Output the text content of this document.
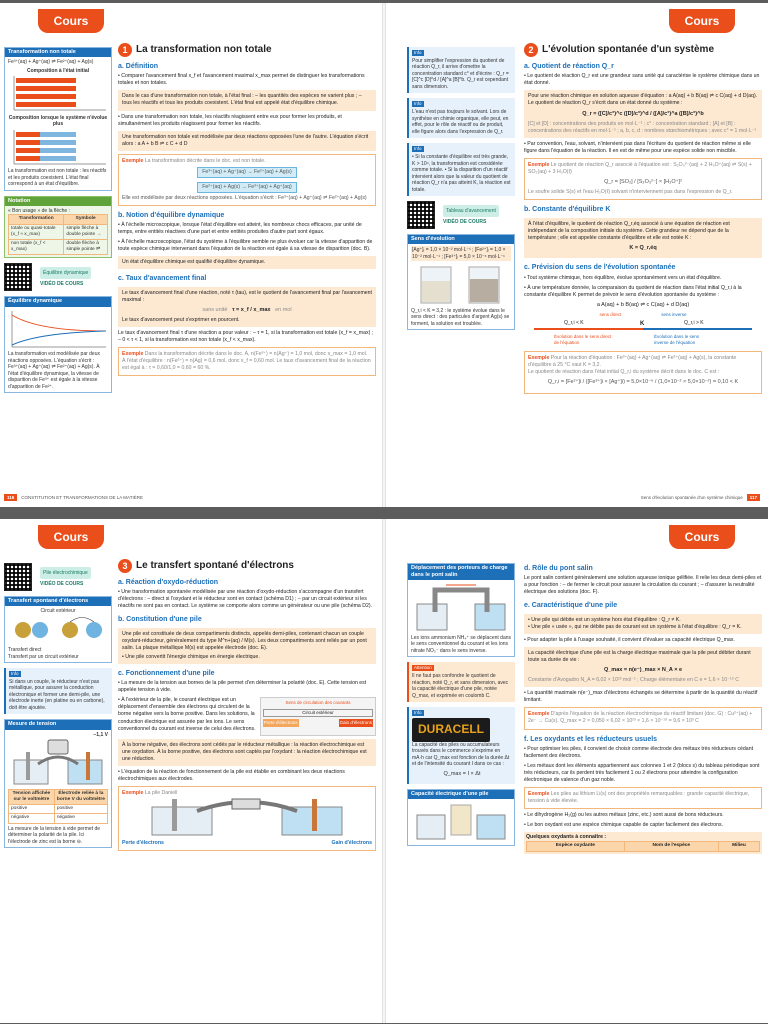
Cours	Cours
Transformation non totale
Fe³⁺(aq) + Ag⁺(aq) ⇌ Fe²⁺(aq) + Ag(s)
Composition à l'état initial
Composition lorsque le système n'évolue plus
La transformation est non totale : les réactifs et les produits coexistent. L'état final correspond à un état d'équilibre.
Notation
« Bon usage » de la flèche :
Transformation	Symbole
totale ou quasi-totale (x_f ≈ x_max)	simple flèche à double pointe →
non totale (x_f < x_max)	double flèche à simple pointe ⇌
Équilibre dynamique
VIDÉO DE COURS
Équilibre dynamique
La transformation est modélisée par deux réactions opposées. L'équation s'écrit : Fe³⁺(aq) + Ag⁺(aq) ⇌ Fe²⁺(aq) + Ag(s). À l'état d'équilibre dynamique, la vitesse de disparition de Fe³⁺ est égale à la vitesse d'apparition de Fe²⁺.
1 La transformation non totale
a. Définition

• Comparer l'avancement final x_f et l'avancement maximal x_max permet de distinguer les transformations totales et non totales.

Dans le cas d'une transformation non totale, à l'état final : – les quantités des espèces ne varient plus ; – tous les réactifs et tous les produits coexistent. L'état final est appelé état d'équilibre chimique.

• Dans une transformation non totale, les réactifs réagissent entre eux pour former les produits, et simultanément les produits réagissent pour former les réactifs.

Une transformation non totale est modélisée par deux réactions opposées l'une de l'autre. L'équation s'écrit alors : a A + b B ⇌ c C + d D
Exemple La transformation décrite dans le doc. est non totale.
Fe³⁺(aq) + Ag⁺(aq) → Fe²⁺(aq) + Ag(s)
Fe²⁺(aq) + Ag(s) → Fe³⁺(aq) + Ag⁺(aq)
Elle est modélisée par deux réactions opposées. L'équation s'écrit : Fe³⁺(aq) + Ag⁺(aq) ⇌ Fe²⁺(aq) + Ag(s)
b. Notion d'équilibre dynamique

• À l'échelle microscopique, lorsque l'état d'équilibre est atteint, les nombreux chocs efficaces, par unité de temps, entre entités réactives d'une part et entre entités produites d'autre part sont égaux.

• À l'échelle macroscopique, l'état du système à l'équilibre semble ne plus évoluer car la vitesse d'apparition de toute espèce chimique intervenant dans l'équation de la réaction est égale à sa vitesse de disparition (doc. B).

Un état d'équilibre chimique est qualifié d'équilibre dynamique.
c. Taux d'avancement final
Le taux d'avancement final d'une réaction, noté τ (tau), est le quotient de l'avancement final par l'avancement maximal :
sans unité τ = x_f / x_max en mol
Le taux d'avancement peut s'exprimer en pourcent.

Le taux d'avancement final τ d'une réaction a pour valeur : – τ = 1, si la transformation est totale (x_f = x_max) ; – 0 < τ < 1, si la transformation est non totale (x_f < x_max).

Exemple Dans la transformation décrite dans le doc. A, n(Fe³⁺) = n(Ag⁺) = 1,0 mol, donc x_max = 1,0 mol. À l'état d'équilibre : n(Fe²⁺) = n(Ag) = 0,6 mol, donc x_f = 0,60 mol. Le taux d'avancement final de la réaction est égal à : τ = 0,60/1,0 = 0,60 = 60 %.
Info
Pour simplifier l'expression du quotient de réaction Q_r, il arrive d'omettre la concentration standard c° et d'écrire : Q_r = [C]^c [D]^d / [A]^a [B]^b. Q_r est cependant sans dimension.
Info
L'eau n'est pas toujours le solvant. Lors de synthèse en chimie organique, elle peut, en effet, pour le rôle de réactif ou de produit, elle figure alors dans l'expression de Q_r.
Info
• Si la constante d'équilibre est très grande, K > 10⁴, la transformation est considérée comme totale. • Si la disparition d'un réactif intervient alors que la valeur du quotient de réaction Q_r n'a pas atteint K, la réaction est totale.
Tableau d'avancement
VIDÉO DE COURS
Sens d'évolution
[Ag⁺]ᵢ = 1,0 × 10⁻² mol·L⁻¹ ; [Fe²⁺]ᵢ = 1,0 × 10⁻² mol·L⁻¹ ; [Fe³⁺]ᵢ = 5,0 × 10⁻⁶ mol·L⁻¹
Q_r,i < K = 3,2 : le système évolue dans le sens direct : des particules d'argent Ag(s) se forment, la solution est troublée.
2 L'évolution spontanée d'un système
a. Quotient de réaction Q_r

• Le quotient de réaction Q_r est une grandeur sans unité qui caractérise le système chimique dans un état donné.

Pour une réaction chimique en solution aqueuse d'équation : a A(aq) + b B(aq) ⇌ c C(aq) + d D(aq). Le quotient de réaction Q_r s'écrit dans un état donné du système :
Q_r = ([C]/c°)^c ([D]/c°)^d / ([A]/c°)^a ([B]/c°)^b
[C] et [D] : concentrations des produits en mol·L⁻¹ ; c° : concentration standard ; [A] et [B] : concentrations des réactifs en mol·L⁻¹ ; a, b, c, d : nombres stœchiométriques ; avec c° = 1 mol·L⁻¹

• Par convention, l'eau, solvant, n'intervient pas dans l'écriture du quotient de réaction même si elle figure dans l'équation de la réaction. Il en est de même pour une espèce solide non miscible.

Exemple Le quotient de réaction Q_r associé à l'équation est : S₂O₃²⁻(aq) + 2 H₃O⁺(aq) ⇌ S(s) + SO₂(aq) + 3 H₂O(ℓ)
Q_r = [SO₂] / [S₂O₃²⁻] × [H₃O⁺]²
Le soufre solide S(s) et l'eau H₂O(ℓ) solvant n'interviennent pas dans l'expression de Q_r.
b. Constante d'équilibre K
À l'état d'équilibre, le quotient de réaction Q_r,éq associé à une équation de réaction est indépendant de la composition initiale du système. Cette grandeur ne dépend que de la température ; elle est appelée constante d'équilibre et elle est notée K :
K = Q_r,éq
c. Prévision du sens de l'évolution spontanée

• Tout système chimique, hors équilibre, évolue spontanément vers un état d'équilibre.

• À une température donnée, la comparaison du quotient de réaction dans l'état initial Q_r,i à la constante d'équilibre K permet de prévoir le sens d'évolution spontanée du système :

a A(aq) + b B(aq) ⇌ c C(aq) + d D(aq)
sens direct	sens inverse
Q_r,i < K	K	Q_r,i > K
Évolution dans le sens direct de l'équation
Évolution dans le sens inverse de l'équation
Exemple Pour la réaction d'équation : Fe³⁺(aq) + Ag⁺(aq) ⇌ Fe²⁺(aq) + Ag(s), la constante d'équilibre à 25 °C vaut K = 3,2.
Le quotient de réaction dans l'état initial Q_r,i du système décrit dans le doc. C est :
Q_r,i = [Fe²⁺]i / ([Fe³⁺]i × [Ag⁺]i) = 5,0×10⁻⁶ / (1,0×10⁻² × 5,0×10⁻²) = 0,10 < K
116	CONSTITUTION ET TRANSFORMATIONS DE LA MATIÈRE	Sens d'évolution spontanée d'un système chimique	117
Cours	Cours
Pile électrochimique
VIDÉO DE COURS
Transfert spontané d'électrons
Circuit extérieur
Transfert direct
Transfert par un circuit extérieur
Info
Si dans un couple, le réducteur n'est pas métallique, pour assurer la conduction électronique et former une demi-pile, une électrode inerte (en platine ou en carbone), doit être ajoutée.
Mesure de tension
−1,1 V
Tension affichée sur le voltmètre	Électrode reliée à la borne V du voltmètre
positive	positive
négative	négative
La mesure de la tension à vide permet de déterminer la polarité de la pile. Ici l'électrode de zinc est la borne ⊖.
3 Le transfert spontané d'électrons
a. Réaction d'oxydo-réduction

• Une transformation spontanée modélisée par une réaction d'oxydo-réduction s'accompagne d'un transfert d'électrons : – direct si l'oxydant et le réducteur sont en contact (schéma D1) ; – par un circuit extérieur si les réactifs ne sont pas en contact. Le système se comporte alors comme un générateur ou une pile (schéma D2).

b. Constitution d'une pile
Une pile est constituée de deux compartiments distincts, appelés demi-piles, contenant chacun un couple oxydant-réducteur, généralement du type M^n+(aq) / M(s). Les deux compartiments sont reliés par un pont salin. La plaque métallique M(s) est appelée électrode (doc. E).
• Une pile convertit l'énergie chimique en énergie électrique.
c. Fonctionnement d'une pile

• La mesure de la tension aux bornes de la pile permet d'en déterminer la polarité (doc. E). Cette tension est appelée tension à vide.

• À l'extérieur de la pile, le courant électrique est un déplacement d'ensemble des électrons qui circulent de la borne négative vers la borne positive. Dans les solutions, la conduction électrique est assurée par les ions. Le sens conventionnel du courant est inverse de celui des électrons.

Sens de circulation des courants
Circuit extérieur
Porte d'électrons	Gain d'électrons
À la borne négative, des électrons sont cédés par le réducteur métallique : la réaction électrochimique est une oxydation. À la borne positive, des électrons sont captés par l'oxydant : la réaction électrochimique est une réduction.

• L'équation de la réaction de fonctionnement de la pile est établie en combinant les deux réactions électrochimiques aux électrodes.

Exemple La pile Daniell
Perte d'électrons	Gain d'électrons
Déplacement des porteurs de charge dans le pont salin
Les ions ammonium NH₄⁺ se déplacent dans le sens conventionnel du courant et les ions nitrate NO₃⁻ dans le sens inverse.
Attention
Il ne faut pas confondre le quotient de réaction, noté Q_r, et sans dimension, avec la capacité électrique d'une pile, notée Q_max, et exprimée en coulomb C.
Info
DURACELL
La capacité des piles ou accumulateurs trouvés dans le commerce s'exprime en mA·h car Q_max est fonction de la durée Δt et de l'intensité du courant I dans ce cas :
Q_max = I × Δt
Capacité électrique d'une pile
d. Rôle du pont salin

Le pont salin contient généralement une solution aqueuse ionique gélifiée. Il relie les deux demi-piles et a pour fonction : – de fermer le circuit pour assurer la circulation du courant ; – d'assurer la neutralité électrique des solutions (doc. F).

e. Caractéristique d'une pile
• Une pile qui débite est un système hors état d'équilibre : Q_r ≠ K.
• Une pile « usée », qui ne débite pas de courant est un système à l'état d'équilibre : Q_r = K.

• Pour adapter la pile à l'usage souhaité, il convient d'évaluer sa capacité électrique Q_max.

La capacité électrique d'une pile est la charge électrique maximale que la pile peut débiter durant toute sa durée de vie :
Q_max = n(e⁻)_max × N_A × e
Constante d'Avogadro N_A = 6,02 × 10²³ mol⁻¹ ; Charge élémentaire en C e = 1,6 × 10⁻¹⁹ C

• La quantité maximale n(e⁻)_max d'électrons échangés se détermine à partir de la quantité du réactif limitant.

Exemple D'après l'équation de la réaction électrochimique du réactif limitant (doc. G) : Cu²⁺(aq) + 2e⁻ → Cu(s). Q_max = 2 × 0,050 × 6,02 × 10²³ × 1,6 × 10⁻¹⁹ = 9,6 × 10³ C
f. Les oxydants et les réducteurs usuels

• Pour optimiser les piles, il convient de choisir comme électrode des métaux très réducteurs cédant facilement des électrons.

• Les métaux dont les éléments appartiennent aux colonnes 1 et 2 (blocs s) du tableau périodique sont très réducteurs, car ils perdent très facilement 1 ou 2 électrons pour atteindre la configuration électronique de valence d'un gaz noble.

Exemple Les piles au lithium Li(s) ont des propriétés remarquables : grande capacité électrique, tension à vide élevée.

• Le dihydrogène H₂(g) ou les autres métaux (zinc, etc.) sont aussi de bons réducteurs.

• Le bon oxydant est une espèce chimique capable de capter facilement des électrons.

Quelques oxydants à connaître :
Espèce oxydante	Nom de l'espèce	Milieu
